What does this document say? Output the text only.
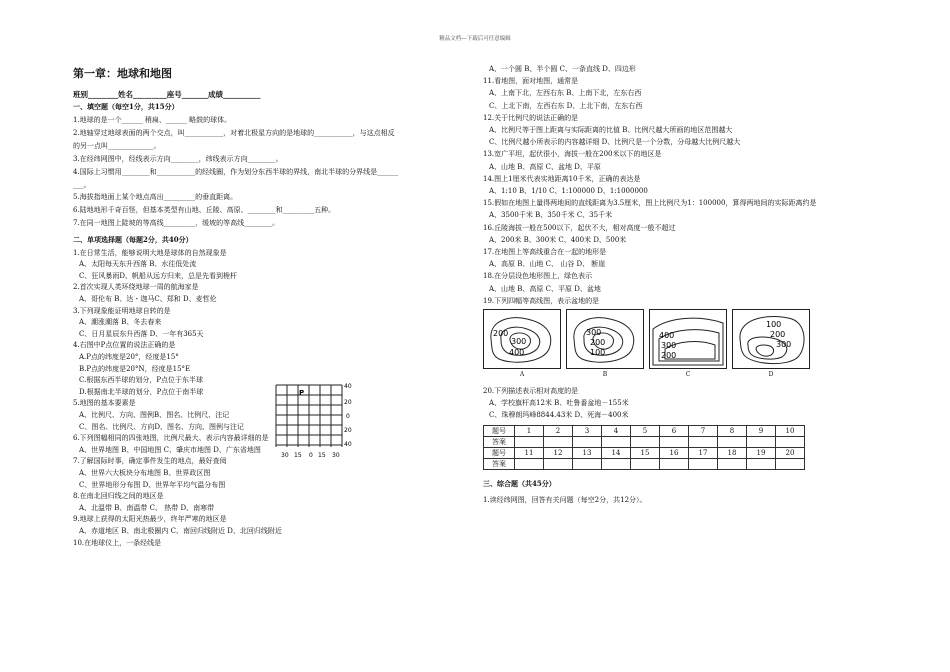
精品文档---下载后可任意编辑
第一章：地球和地图
班别________姓名_________座号_______成绩__________
一、填空题（每空1分，共15分）
1.地球的是一个______ 稍扁、______ 略鼓的球体。
2.地轴穿过地球表面的两个交点，叫___________，对着北极星方向的是地球的___________，与这点相反
的另一点叫_____________。
3.在经纬网图中，经线表示方向________，纬线表示方向________。
4.国际上习惯用________和___________的经线圈，作为划分东西半球的界线，南北半球的分界线是______
___。
5.海拔指地面上某个地点高出_________的垂直距离。
6.陆地地形千奇百怪，但基本类型有山地、丘陵、高原、________和_________五种。
7.在同一地图上陡坡的等高线_________，缓坡的等高线________。
二、单项选择题（每题2分，共40分）
1.在日常生活，能够说明大地是球体的自然现象是
A、太阳每天东升西落 B、水往低处流
C、狂风暴雨D、帆船从远方归来，总是先看到桅杆
2.首次实现人类环绕地球一周的航海家是
A、哥伦布 B、达・迦马C、郑和 D、麦哲伦
3.下列现象能证明地球自转的是
A、潮涨潮落 B、冬去春来
C、日月星辰东升西落 D、一年有365天
4.右图中P点位置的说法正确的是
A.P点的纬度是20°，经度是15°
B.P点的纬度是20°N，经度是15°E
C.根据东西半球的划分，P点位于东半球
D.根据南北半球的划分，P点位于南半球
5.地图的基本要素是
A、比例尺、方向、图例B、图名、比例尺、注记
C、图名、比例尺、方向D、图名、方向、图例与注记
6.下列图幅相同的四张地图，比例尺最大、表示内容最详细的是
A、世界地图 B、中国地图 C、肇庆市地图 D、广东省地图
7.了解国际时事，确定事件发生的地点，最好查阅
A、世界六大板块分布地图 B、世界政区图
C、世界地形分布图 D、世界年平均气温分布图
8.在南北回归线之间的地区是
A、北温带 B、南温带 C、 热带 D、南寒带
9.地球上获得的太阳光热最少，终年严寒的地区是
A、赤道地区 B、南北极圈内 C、南回归线附近 D、北回归线附近
10.在地球仪上，一条经线是
P
40
20
0
20
40
30 15 0 15 30
A、一个圆 B、半个圆 C、一条直线 D、四边形
11.看地图，面对地图，通常是
A、上南下北，左西右东 B、上南下北，左东右西
C、上北下南，左西右东 D、上北下南，左东右西
12.关于比例尺的说法正确的是
A、比例尺等于图上距离与实际距离的比值 B、比例尺越大所画的地区范围越大
C、比例尺越小所表示的内容越详细 D、比例尺是一个分数，分母越大比例尺越大
13.宽广平坦，起伏很小，海拔一般在200米以下的地区是
A、山地 B、高原 C、盆地 D、平原
14.图上1厘米代表实地距离10千米，正确的表达是
A、1:10 B、1/10 C、1:100000 D、1:1000000
15.假如在地图上量得两地间的直线距离为3.5厘米，图上比例尺为1：100000，算得两地间的实际距离约是
A、3500千米 B、350千米 C、35千米
16.丘陵海拔一般在500以下，起伏不大，相对高度一般不超过
A、200米 B、300米 C、400米 D、500米
17.在地图上等高线重合在一起的地形是
A、高原 B、山地 C、 山谷 D、 断崖
18.在分层设色地形图上，绿色表示
A、山地 B、高原 C、平原 D、盆地
19.下列四幅等高线图，表示盆地的是
200
300
400
A
300
200
100
B
400
300
200
C
100
200
300
D
20.下列描述表示相对高度的是
A、学校旗杆高12米 B、吐鲁番盆地－155米
C、珠穆朗玛峰8844.43米 D、死海－400米
题号	1	2	3	4	5	6	7	8	9	10
答案										
题号	11	12	13	14	15	16	17	18	19	20
答案										
三、综合题（共45分）
1.读经纬网图，回答有关问题（每空2分，共12分）。
